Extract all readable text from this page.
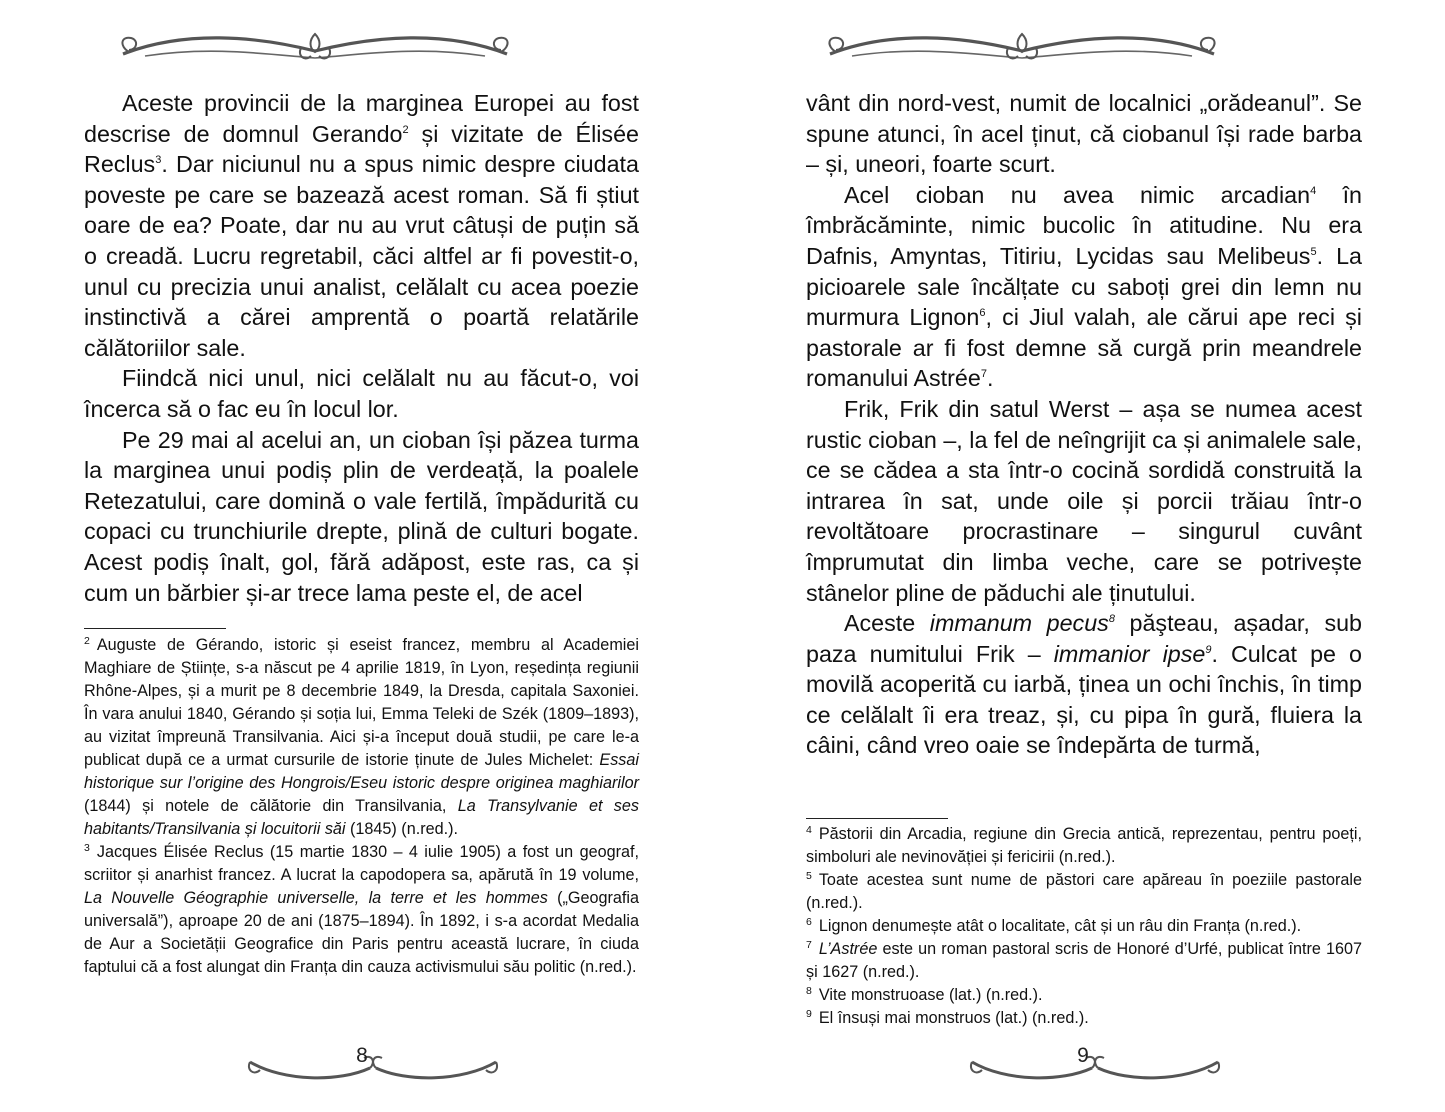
Aceste provincii de la marginea Europei au fost descrise de domnul Gerando$^2$ și vizitate de Élisée Reclus$^3$. Dar niciunul nu a spus nimic despre ciudata poveste pe care se bazează acest roman. Să fi știut oare de ea? Poate, dar nu au vrut câtuși de puțin să o creadă. Lucru regretabil, căci altfel ar fi povestit-o, unul cu precizia unui analist, celălalt cu acea poezie instinctivă a cărei amprentă o poartă relatările călătoriilor sale.

Fiindcă nici unul, nici celălalt nu au făcut-o, voi încerca să o fac eu în locul lor.

Pe 29 mai al acelui an, un cioban își păzea turma la marginea unui podiș plin de verdeață, la poalele Retezatului, care domină o vale fertilă, împădurită cu copaci cu trunchiurile drepte, plină de culturi bogate. Acest podiș înalt, gol, fără adăpost, este ras, ca și cum un bărbier și-ar trece lama peste el, de acel

$^2$ Auguste de Gérando, istoric și eseist francez, membru al Academiei Maghiare de Științe, s-a născut pe 4 aprilie 1819, în Lyon, reședința regiunii Rhône-Alpes, și a murit pe 8 decembrie 1849, la Dresda, capitala Saxoniei. În vara anului 1840, Gérando și soția lui, Emma Teleki de Szék (1809–1893), au vizitat împreună Transilvania. Aici și-a început două studii, pe care le-a publicat după ce a urmat cursurile de istorie ținute de Jules Michelet: Essai historique sur l’origine des Hongrois/Eseu istoric despre originea maghiarilor (1844) și notele de călătorie din Transilvania, La Transylvanie et ses habitants/Transilvania și locuitorii săi (1845) (n.red.).

$^3$ Jacques Élisée Reclus (15 martie 1830 – 4 iulie 1905) a fost un geograf, scriitor și anarhist francez. A lucrat la capodopera sa, apărută în 19 volume, La Nouvelle Géographie universelle, la terre et les hommes („Geografia universală”), aproape 20 de ani (1875–1894). În 1892, i s-a acordat Medalia de Aur a Societății Geografice din Paris pentru această lucrare, în ciuda faptului că a fost alungat din Franța din cauza activismului său politic (n.red.).

8

vânt din nord-vest, numit de localnici „orădeanul”. Se spune atunci, în acel ținut, că ciobanul își rade barba – și, uneori, foarte scurt.

Acel cioban nu avea nimic arcadian$^4$ în îmbrăcăminte, nimic bucolic în atitudine. Nu era Dafnis, Amyntas, Titiriu, Lycidas sau Melibeus$^5$. La picioarele sale încălțate cu saboți grei din lemn nu murmura Lignon$^6$, ci Jiul valah, ale cărui ape reci și pastorale ar fi fost demne să curgă prin meandrele romanului Astrée$^7$.

Frik, Frik din satul Werst – așa se numea acest rustic cioban –, la fel de neîngrijit ca și animalele sale, ce se cădea a sta într-o cocină sordidă construită la intrarea în sat, unde oile și porcii trăiau într-o revoltătoare procrastinare – singurul cuvânt împrumutat din limba veche, care se potrivește stânelor pline de păduchi ale ținutului.

Aceste immanum pecus$^8$ păşteau, așadar, sub paza numitului Frik – immanior ipse$^9$. Culcat pe o movilă acoperită cu iarbă, ținea un ochi închis, în timp ce celălalt îi era treaz, și, cu pipa în gură, fluiera la câini, când vreo oaie se îndepărta de turmă,

$^4$ Păstorii din Arcadia, regiune din Grecia antică, reprezentau, pentru poeți, simboluri ale nevinovăției și fericirii (n.red.).

$^5$ Toate acestea sunt nume de păstori care apăreau în poeziile pastorale (n.red.).

$^6$ Lignon denumește atât o localitate, cât și un râu din Franța (n.red.).

$^7$ L’Astrée este un roman pastoral scris de Honoré d’Urfé, publicat între 1607 și 1627 (n.red.).

$^8$ Vite monstruoase (lat.) (n.red.).

$^9$ El însuși mai monstruos (lat.) (n.red.).

9
